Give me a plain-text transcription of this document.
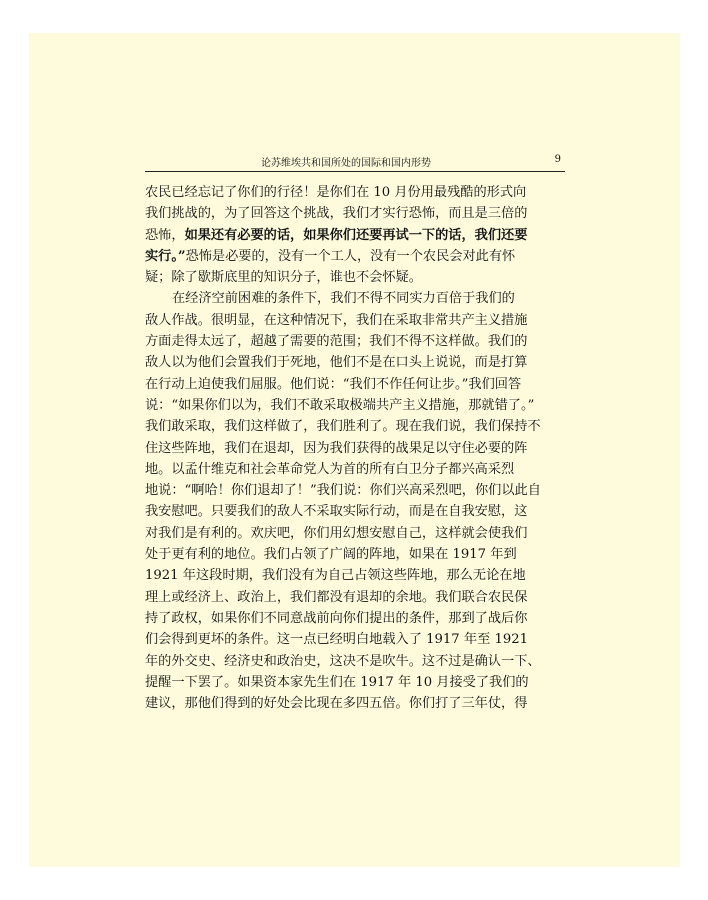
论苏维埃共和国所处的国际和国内形势	9
农民已经忘记了你们的行径！是你们在 10 月份用最残酷的形式向
我们挑战的，为了回答这个挑战，我们才实行恐怖，而且是三倍的
恐怖，如果还有必要的话，如果你们还要再试一下的话，我们还要
实行。”恐怖是必要的，没有一个工人，没有一个农民会对此有怀
疑；除了歇斯底里的知识分子，谁也不会怀疑。
在经济空前困难的条件下，我们不得不同实力百倍于我们的
敌人作战。很明显，在这种情况下，我们在采取非常共产主义措施
方面走得太远了，超越了需要的范围；我们不得不这样做。我们的
敌人以为他们会置我们于死地，他们不是在口头上说说，而是打算
在行动上迫使我们屈服。他们说：“我们不作任何让步。”我们回答
说：“如果你们以为，我们不敢采取极端共产主义措施，那就错了。”
我们敢采取，我们这样做了，我们胜利了。现在我们说，我们保持不
住这些阵地，我们在退却，因为我们获得的战果足以守住必要的阵
地。以孟什维克和社会革命党人为首的所有白卫分子都兴高采烈
地说：“啊哈！你们退却了！”我们说：你们兴高采烈吧，你们以此自
我安慰吧。只要我们的敌人不采取实际行动，而是在自我安慰，这
对我们是有利的。欢庆吧，你们用幻想安慰自己，这样就会使我们
处于更有利的地位。我们占领了广阔的阵地，如果在 1917 年到
1921 年这段时期，我们没有为自己占领这些阵地，那么无论在地
理上或经济上、政治上，我们都没有退却的余地。我们联合农民保
持了政权，如果你们不同意战前向你们提出的条件，那到了战后你
们会得到更坏的条件。这一点已经明白地载入了 1917 年至 1921
年的外交史、经济史和政治史，这决不是吹牛。这不过是确认一下、
提醒一下罢了。如果资本家先生们在 1917 年 10 月接受了我们的
建议，那他们得到的好处会比现在多四五倍。你们打了三年仗，得
